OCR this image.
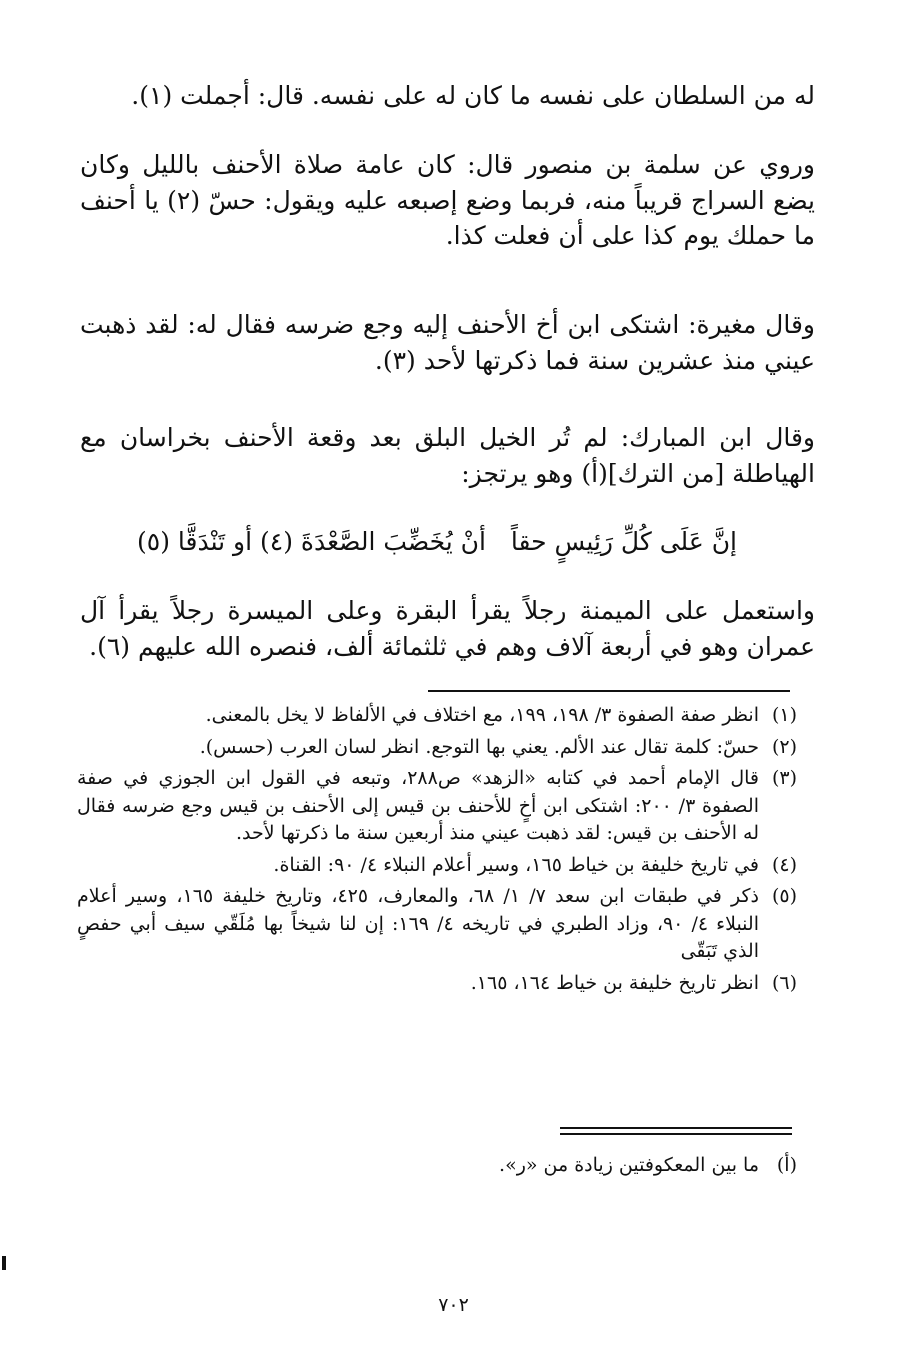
له من السلطان على نفسه ما كان له على نفسه. قال: أجملت (١).

وروي عن سلمة بن منصور قال: كان عامة صلاة الأحنف بالليل وكان يضع السراج قريباً منه، فربما وضع إصبعه عليه ويقول: حسّ (٢) يا أحنف ما حملك يوم كذا على أن فعلت كذا.

وقال مغيرة: اشتكى ابن أخ الأحنف إليه وجع ضرسه فقال له: لقد ذهبت عيني منذ عشرين سنة فما ذكرتها لأحد (٣).

وقال ابن المبارك: لم تُر الخيل البلق بعد وقعة الأحنف بخراسان مع الهياطلة [من الترك](أ) وهو يرتجز:

إنَّ عَلَى كُلِّ رَئِيسٍ حقاً
أنْ يُخَضِّبَ الصَّعْدَةَ (٤) أو تَنْدَقَّا (٥)

واستعمل على الميمنة رجلاً يقرأ البقرة وعلى الميسرة رجلاً يقرأ آل عمران وهو في أربعة آلاف وهم في ثلثمائة ألف، فنصره الله عليهم (٦).

(١)
انظر صفة الصفوة ٣/ ١٩٨، ١٩٩، مع اختلاف في الألفاظ لا يخل بالمعنى.
(٢)
حسّ: كلمة تقال عند الألم. يعني بها التوجع. انظر لسان العرب (حسس).
(٣)
قال الإمام أحمد في كتابه «الزهد» ص٢٨٨، وتبعه في القول ابن الجوزي في صفة الصفوة ٣/ ٢٠٠: اشتكى ابن أخٍ للأحنف بن قيس إلى الأحنف بن قيس وجع ضرسه فقال له الأحنف بن قيس: لقد ذهبت عيني منذ أربعين سنة ما ذكرتها لأحد.
(٤)
في تاريخ خليفة بن خياط ١٦٥، وسير أعلام النبلاء ٤/ ٩٠: القناة.
(٥)
ذكر في طبقات ابن سعد ٧/ ١/ ٦٨، والمعارف، ٤٢٥، وتاريخ خليفة ١٦٥، وسير أعلام النبلاء ٤/ ٩٠، وزاد الطبري في تاريخه ٤/ ١٦٩: إن لنا شيخاً بها مُلَقّي سيف أبي حفصٍ الذي تَبَقّى
(٦)
انظر تاريخ خليفة بن خياط ١٦٤، ١٦٥.
(أ)
ما بين المعكوفتين زيادة من «ر».
٧٠٢
